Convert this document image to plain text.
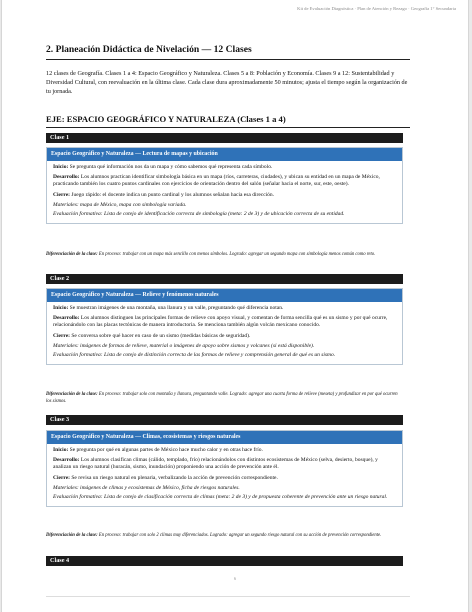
Kit de Evaluación Diagnóstica · Plan de Atención y Rezago · Geografía 1° Secundaria
2. Planeación Didáctica de Nivelación — 12 Clases
12 clases de Geografía. Clases 1 a 4: Espacio Geográfico y Naturaleza. Clases 5 a 8: Población y Economía. Clases 9 a 12: Sustentabilidad y Diversidad Cultural, con reevaluación en la última clase. Cada clase dura aproximadamente 50 minutos; ajusta el tiempo según la organización de tu jornada.
EJE: ESPACIO GEOGRÁFICO Y NATURALEZA (Clases 1 a 4)
Clase 1
Espacio Geográfico y Naturaleza — Lectura de mapas y ubicación

Inicio: Se pregunta qué información nos da un mapa y cómo sabemos qué representa cada símbolo.

Desarrollo: Los alumnos practican identificar simbología básica en un mapa (ríos, carreteras, ciudades), y ubican su entidad en un mapa de México, practicando también los cuatro puntos cardinales con ejercicios de orientación dentro del salón (señalar hacia el norte, sur, este, oeste).

Cierre: Juego rápido: el docente indica un punto cardinal y los alumnos señalan hacia esa dirección.

Materiales: mapa de México, mapa con simbología variada.

Evaluación formativa: Lista de cotejo de identificación correcta de simbología (meta: 2 de 3) y de ubicación correcta de su entidad.

Diferenciación de la clase: En proceso: trabajar con un mapa más sencillo con menos símbolos. Logrado: agregar un segundo mapa con simbología menos común como reto.
Clase 2
Espacio Geográfico y Naturaleza — Relieve y fenómenos naturales

Inicio: Se muestran imágenes de una montaña, una llanura y un valle, preguntando qué diferencia notan.

Desarrollo: Los alumnos distinguen las principales formas de relieve con apoyo visual, y comentan de forma sencilla qué es un sismo y por qué ocurre, relacionándolo con las placas tectónicas de manera introductoria. Se menciona también algún volcán mexicano conocido.

Cierre: Se conversa sobre qué hacer en caso de un sismo (medidas básicas de seguridad).

Materiales: imágenes de formas de relieve, material o imágenes de apoyo sobre sismos y volcanes (si está disponible).

Evaluación formativa: Lista de cotejo de distinción correcta de las formas de relieve y comprensión general de qué es un sismo.

Diferenciación de la clase: En proceso: trabajar solo con montaña y llanura, preguntando valle. Logrado: agregar una cuarta forma de relieve (meseta) y profundizar en por qué ocurren los sismos.
Clase 3
Espacio Geográfico y Naturaleza — Climas, ecosistemas y riesgos naturales

Inicio: Se pregunta por qué en algunas partes de México hace mucho calor y en otras hace frío.

Desarrollo: Los alumnos clasifican climas (cálido, templado, frío) relacionándolos con distintos ecosistemas de México (selva, desierto, bosque), y analizan un riesgo natural (huracán, sismo, inundación) proponiendo una acción de prevención ante él.

Cierre: Se revisa un riesgo natural en plenaria, verbalizando la acción de prevención correspondiente.

Materiales: imágenes de climas y ecosistemas de México, ficha de riesgos naturales.

Evaluación formativa: Lista de cotejo de clasificación correcta de climas (meta: 2 de 3) y de propuesta coherente de prevención ante un riesgo natural.

Diferenciación de la clase: En proceso: trabajar con solo 2 climas muy diferenciados. Logrado: agregar un segundo riesgo natural con su acción de prevención correspondiente.
Clase 4
6
